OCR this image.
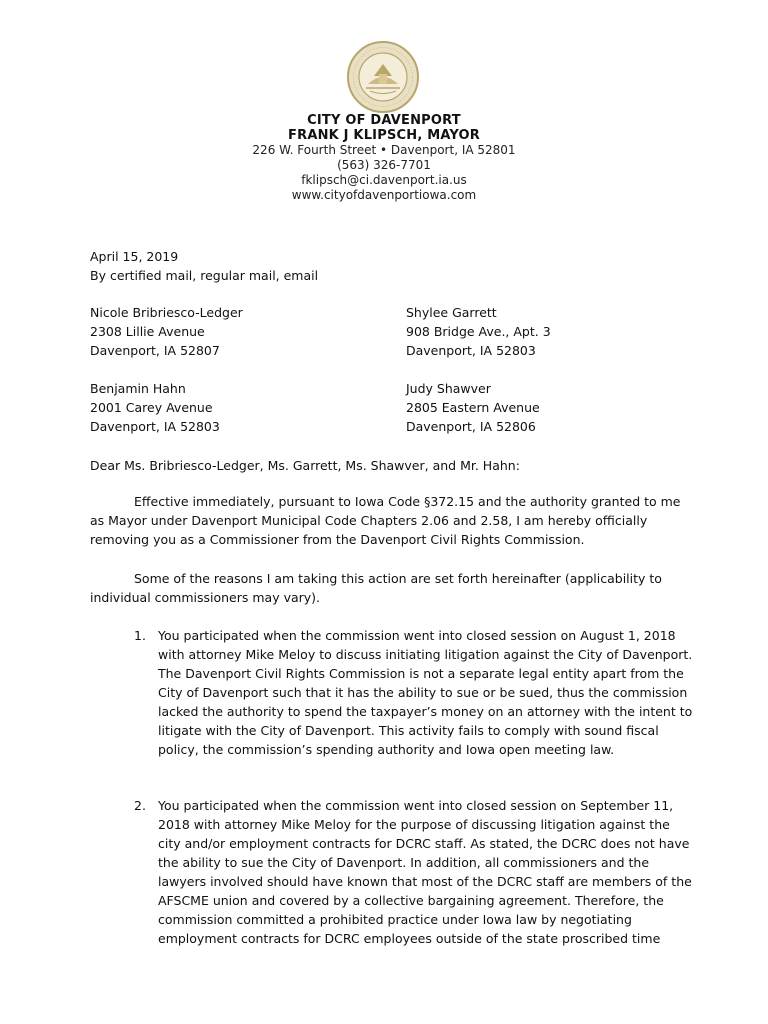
CITY OF DAVENPORT
FRANK J KLIPSCH, MAYOR
226 W. Fourth Street • Davenport, IA 52801
(563) 326-7701
fklipsch@ci.davenport.ia.us
www.cityofdavenportiowa.com
April 15, 2019
By certified mail, regular mail, email
Nicole Bribriesco-Ledger
2308 Lillie Avenue
Davenport, IA 52807
Shylee Garrett
908 Bridge Ave., Apt. 3
Davenport, IA 52803
Benjamin Hahn
2001 Carey Avenue
Davenport, IA 52803
Judy Shawver
2805 Eastern Avenue
Davenport, IA 52806
Dear Ms. Bribriesco-Ledger, Ms. Garrett, Ms. Shawver, and Mr. Hahn:

Effective immediately, pursuant to Iowa Code §372.15 and the authority granted to me as Mayor under Davenport Municipal Code Chapters 2.06 and 2.58, I am hereby officially removing you as a Commissioner from the Davenport Civil Rights Commission.

Some of the reasons I am taking this action are set forth hereinafter (applicability to individual commissioners may vary).

1. You participated when the commission went into closed session on August 1, 2018 with attorney Mike Meloy to discuss initiating litigation against the City of Davenport. The Davenport Civil Rights Commission is not a separate legal entity apart from the City of Davenport such that it has the ability to sue or be sued, thus the commission lacked the authority to spend the taxpayer’s money on an attorney with the intent to litigate with the City of Davenport. This activity fails to comply with sound fiscal policy, the commission’s spending authority and Iowa open meeting law.
2. You participated when the commission went into closed session on September 11, 2018 with attorney Mike Meloy for the purpose of discussing litigation against the city and/or employment contracts for DCRC staff. As stated, the DCRC does not have the ability to sue the City of Davenport. In addition, all commissioners and the lawyers involved should have known that most of the DCRC staff are members of the AFSCME union and covered by a collective bargaining agreement. Therefore, the commission committed a prohibited practice under Iowa law by negotiating employment contracts for DCRC employees outside of the state proscribed time
